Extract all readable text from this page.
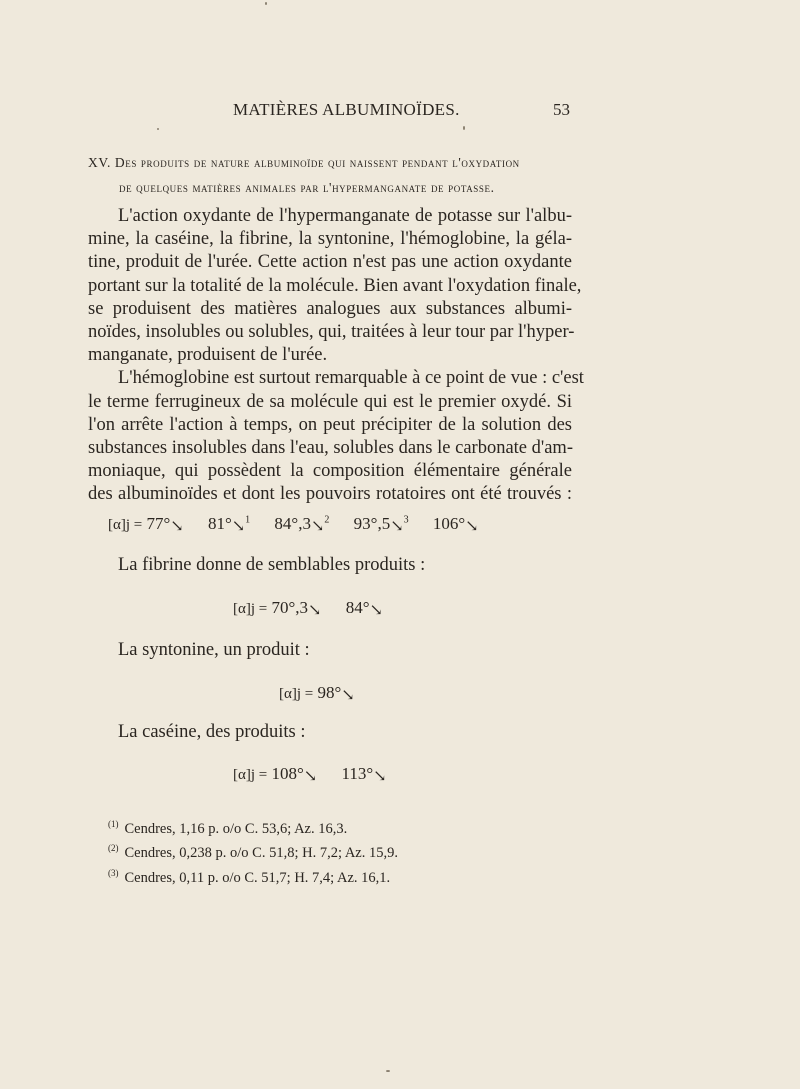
MATIÈRES ALBUMINOÏDES.	53
XV. Des produits de nature albuminoïde qui naissent pendant l'oxydation
de quelques matières animales par l'hypermanganate de potasse.
L'action oxydante de l'hypermanganate de potasse sur l'albu-
mine, la caséine, la fibrine, la syntonine, l'hémoglobine, la géla-
tine, produit de l'urée. Cette action n'est pas une action oxydante
portant sur la totalité de la molécule. Bien avant l'oxydation finale,
se produisent des matières analogues aux substances albumi-
noïdes, insolubles ou solubles, qui, traitées à leur tour par l'hyper-
manganate, produisent de l'urée.
L'hémoglobine est surtout remarquable à ce point de vue : c'est
le terme ferrugineux de sa molécule qui est le premier oxydé. Si
l'on arrête l'action à temps, on peut précipiter de la solution des
substances insolubles dans l'eau, solubles dans le carbonate d'am-
moniaque, qui possèdent la composition élémentaire générale
des albuminoïdes et dont les pouvoirs rotatoires ont été trouvés :
[α]j = 77°↘ 81°↘$^1$ 84°,3↘$^2$ 93°,5↘$^3$ 106°↘
La fibrine donne de semblables produits :
[α]j = 70°,3↘ 84°↘
La syntonine, un produit :
[α]j = 98°↘
La caséine, des produits :
[α]j = 108°↘ 113°↘
$^{(1)}$ Cendres, 1,16 p. o/o C. 53,6; Az. 16,3.
$^{(2)}$ Cendres, 0,238 p. o/o C. 51,8; H. 7,2; Az. 15,9.
$^{(3)}$ Cendres, 0,11 p. o/o C. 51,7; H. 7,4; Az. 16,1.
